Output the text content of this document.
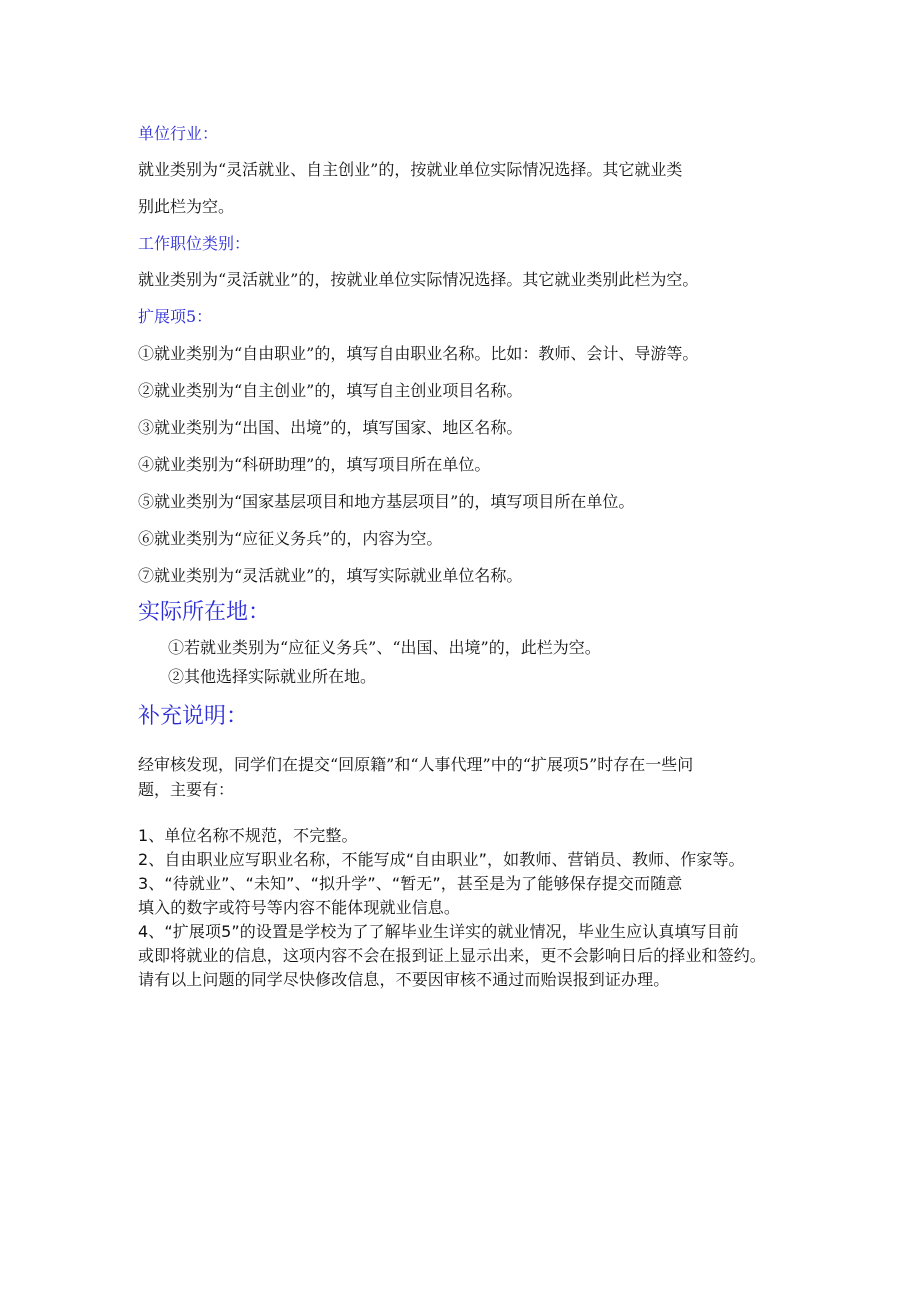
单位行业：
就业类别为“灵活就业、自主创业”的，按就业单位实际情况选择。其它就业类
别此栏为空。
工作职位类别：
就业类别为“灵活就业”的，按就业单位实际情况选择。其它就业类别此栏为空。
扩展项5：
①就业类别为“自由职业”的，填写自由职业名称。比如：教师、会计、导游等。
②就业类别为“自主创业”的，填写自主创业项目名称。
③就业类别为“出国、出境”的，填写国家、地区名称。
④就业类别为“科研助理”的，填写项目所在单位。
⑤就业类别为“国家基层项目和地方基层项目”的，填写项目所在单位。
⑥就业类别为“应征义务兵”的，内容为空。
⑦就业类别为“灵活就业”的，填写实际就业单位名称。
实际所在地：
①若就业类别为“应征义务兵”、“出国、出境”的，此栏为空。
②其他选择实际就业所在地。
补充说明：
经审核发现，同学们在提交“回原籍”和“人事代理”中的“扩展项5”时存在一些问
题，主要有：
1、单位名称不规范，不完整。
2、自由职业应写职业名称，不能写成“自由职业”，如教师、营销员、教师、作家等。
3、“待就业”、“未知”、“拟升学”、“暂无”，甚至是为了能够保存提交而随意
填入的数字或符号等内容不能体现就业信息。
4、“扩展项5”的设置是学校为了了解毕业生详实的就业情况，毕业生应认真填写目前
或即将就业的信息，这项内容不会在报到证上显示出来，更不会影响日后的择业和签约。
请有以上问题的同学尽快修改信息，不要因审核不通过而贻误报到证办理。
